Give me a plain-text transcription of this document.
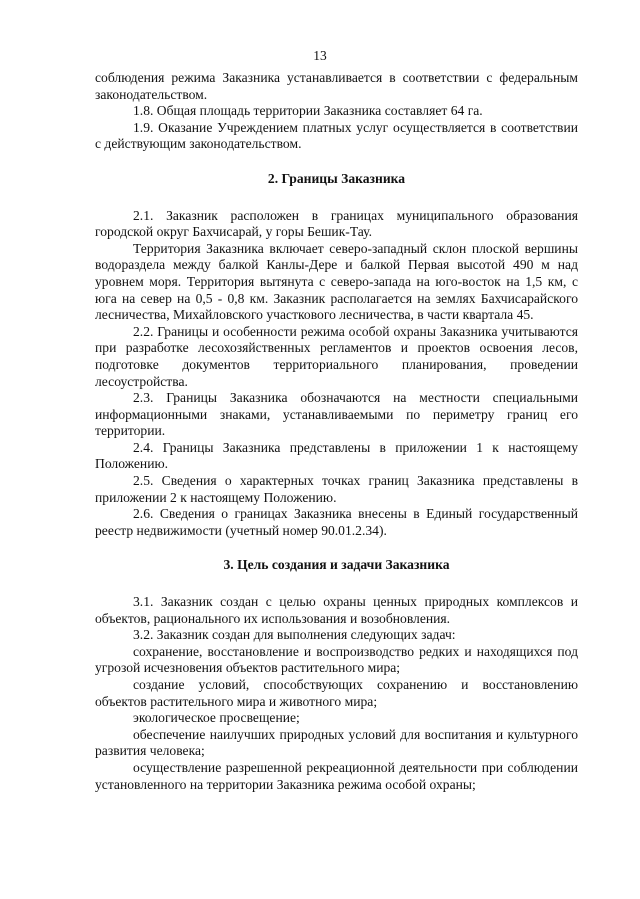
13

соблюдения режима Заказника устанавливается в соответствии с федеральным законодательством.

1.8. Общая площадь территории Заказника составляет 64 га.

1.9. Оказание Учреждением платных услуг осуществляется в соответствии с действующим законодательством.

2. Границы Заказника

2.1. Заказник расположен в границах муниципального образования городской округ Бахчисарай, у горы Бешик-Тау.

Территория Заказника включает северо-западный склон плоской вершины водораздела между балкой Канлы-Дере и балкой Первая высотой 490 м над уровнем моря. Территория вытянута с северо-запада на юго-восток на 1,5 км, с юга на север на 0,5 - 0,8 км. Заказник располагается на землях Бахчисарайского лесничества, Михайловского участкового лесничества, в части квартала 45.

2.2. Границы и особенности режима особой охраны Заказника учитываются при разработке лесохозяйственных регламентов и проектов освоения лесов, подготовке документов территориального планирования, проведении лесоустройства.

2.3. Границы Заказника обозначаются на местности специальными информационными знаками, устанавливаемыми по периметру границ его территории.

2.4. Границы Заказника представлены в приложении 1 к настоящему Положению.

2.5. Сведения о характерных точках границ Заказника представлены в приложении 2 к настоящему Положению.

2.6. Сведения о границах Заказника внесены в Единый государственный реестр недвижимости (учетный номер 90.01.2.34).

3. Цель создания и задачи Заказника

3.1. Заказник создан с целью охраны ценных природных комплексов и объектов, рационального их использования и возобновления.

3.2. Заказник создан для выполнения следующих задач:

сохранение, восстановление и воспроизводство редких и находящихся под угрозой исчезновения объектов растительного мира;

создание условий, способствующих сохранению и восстановлению объектов растительного мира и животного мира;

экологическое просвещение;

обеспечение наилучших природных условий для воспитания и культурного развития человека;

осуществление разрешенной рекреационной деятельности при соблюдении установленного на территории Заказника режима особой охраны;
